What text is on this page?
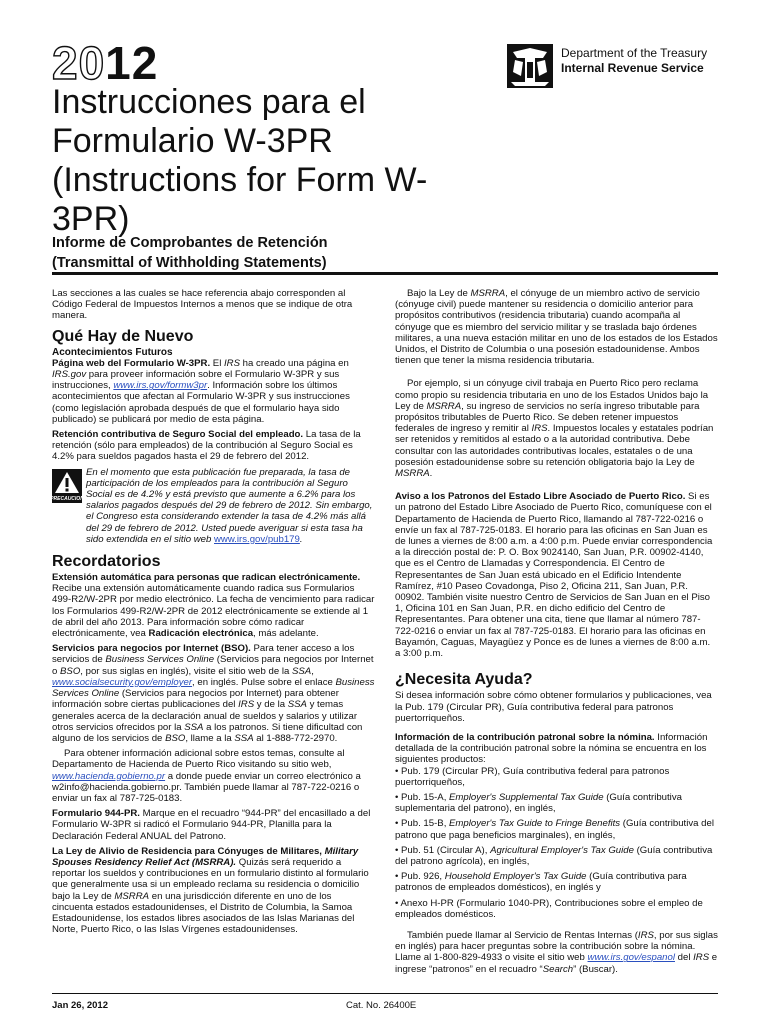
2012	Department of the Treasury
Internal Revenue Service
Instrucciones para el Formulario W-3PR (Instructions for Form W-3PR)
Informe de Comprobantes de Retención
(Transmittal of Withholding Statements)

Las secciones a las cuales se hace referencia abajo corresponden al Código Federal de Impuestos Internos a menos que se indique de otra manera.

Qué Hay de Nuevo
Acontecimientos Futuros

Página web del Formulario W-3PR. El IRS ha creado una página en IRS.gov para proveer información sobre el Formulario W-3PR y sus instrucciones, www.irs.gov/formw3pr. Información sobre los últimos acontecimientos que afectan al Formulario W-3PR y sus instrucciones (como legislación aprobada después de que el formulario haya sido publicado) se publicará por medio de esta página.

Retención contributiva de Seguro Social del empleado. La tasa de la retención (sólo para empleados) de la contribución al Seguro Social es 4.2% para sueldos pagados hasta el 29 de febrero del 2012.

PRECAUCION
En el momento que esta publicación fue preparada, la tasa de participación de los empleados para la contribución al Seguro Social es de 4.2% y está previsto que aumente a 6.2% para los salarios pagados después del 29 de febrero de 2012. Sin embargo, el Congreso esta considerando extender la tasa de 4.2% más allá del 29 de febrero de 2012. Usted puede averiguar si esta tasa ha sido extendida en el sitio web www.irs.gov/pub179.
Recordatorios

Extensión automática para personas que radican electrónicamente. Recibe una extensión automáticamente cuando radica sus Formularios 499-R2/W-2PR por medio electrónico. La fecha de vencimiento para radicar los Formularios 499-R2/W-2PR de 2012 electrónicamente se extiende al 1 de abril del año 2013. Para información sobre cómo radicar electrónicamente, vea Radicación electrónica, más adelante.

Servicios para negocios por Internet (BSO). Para tener acceso a los servicios de Business Services Online (Servicios para negocios por Internet o BSO, por sus siglas en inglés), visite el sitio web de la SSA, www.socialsecurity.gov/employer, en inglés. Pulse sobre el enlace Business Services Online (Servicios para negocios por Internet) para obtener información sobre ciertas publicaciones del IRS y de la SSA y temas generales acerca de la declaración anual de sueldos y salarios y utilizar otros servicios ofrecidos por la SSA a los patronos. Si tiene dificultad con alguno de los servicios de BSO, llame a la SSA al 1-888-772-2970.

Para obtener información adicional sobre estos temas, consulte al Departamento de Hacienda de Puerto Rico visitando su sitio web, www.hacienda.gobierno.pr a donde puede enviar un correo electrónico a w2info@hacienda.gobierno.pr. También puede llamar al 787-722-0216 o enviar un fax al 787-725-0183.

Formulario 944-PR. Marque en el recuadro “944-PR” del encasillado a del Formulario W-3PR si radicó el Formulario 944-PR, Planilla para la Declaración Federal ANUAL del Patrono.

La Ley de Alivio de Residencia para Cónyuges de Militares, Military Spouses Residency Relief Act (MSRRA). Quizás será requerido a reportar los sueldos y contribuciones en un formulario distinto al formulario que generalmente usa si un empleado reclama su residencia o domicilio bajo la Ley de MSRRA en una jurisdicción diferente en uno de los cincuenta estados estadounidenses, el Distrito de Columbia, la Samoa Estadounidense, los estados libres asociados de las Islas Marianas del Norte, Puerto Rico, o las Islas Vírgenes estadounidenses.

Bajo la Ley de MSRRA, el cónyuge de un miembro activo de servicio (cónyuge civil) puede mantener su residencia o domicilio anterior para propósitos contributivos (residencia tributaria) cuando acompaña al cónyuge que es miembro del servicio militar y se traslada bajo órdenes militares, a una nueva estación militar en uno de los estados de los Estados Unidos, el Distrito de Columbia o una posesión estadounidense. Ambos tienen que tener la misma residencia tributaria.

Por ejemplo, si un cónyuge civil trabaja en Puerto Rico pero reclama como propio su residencia tributaria en uno de los Estados Unidos bajo la Ley de MSRRA, su ingreso de servicios no sería ingreso tributable para propósitos tributables de Puerto Rico. Se deben retener impuestos federales de ingreso y remitir al IRS. Impuestos locales y estatales podrían ser retenidos y remitidos al estado o a la autoridad contributiva. Debe consultar con las autoridades contributivas locales, estatales o de una posesión estadounidense sobre su retención obligatoria bajo la Ley de MSRRA.

Aviso a los Patronos del Estado Libre Asociado de Puerto Rico. Si es un patrono del Estado Libre Asociado de Puerto Rico, comuníquese con el Departamento de Hacienda de Puerto Rico, llamando al 787-722-0216 o envíe un fax al 787-725-0183. El horario para las oficinas en San Juan es de lunes a viernes de 8:00 a.m. a 4:00 p.m. Puede enviar correspondencia a la dirección postal de: P. O. Box 9024140, San Juan, P.R. 00902-4140, que es el Centro de Llamadas y Correspondencia. El Centro de Representantes de San Juan está ubicado en el Edificio Intendente Ramírez, #10 Paseo Covadonga, Piso 2, Oficina 211, San Juan, P.R. 00902. También visite nuestro Centro de Servicios de San Juan en el Piso 1, Oficina 101 en San Juan, P.R. en dicho edificio del Centro de Representantes. Para obtener una cita, tiene que llamar al número 787-722-0216 o enviar un fax al 787-725-0183. El horario para las oficinas en Bayamón, Caguas, Mayagüez y Ponce es de lunes a viernes de 8:00 a.m. a 3:00 p.m.

¿Necesita Ayuda?

Si desea información sobre cómo obtener formularios y publicaciones, vea la Pub. 179 (Circular PR), Guía contributiva federal para patronos puertorriqueños.

Información de la contribución patronal sobre la nómina. Información detallada de la contribución patronal sobre la nómina se encuentra en los siguientes productos:

• Pub. 179 (Circular PR), Guía contributiva federal para patronos puertorriqueños,

• Pub. 15-A, Employer's Supplemental Tax Guide (Guía contributiva suplementaria del patrono), en inglés,

• Pub. 15-B, Employer's Tax Guide to Fringe Benefits (Guía contributiva del patrono que paga beneficios marginales), en inglés,

• Pub. 51 (Circular A), Agricultural Employer's Tax Guide (Guía contributiva del patrono agrícola), en inglés,

• Pub. 926, Household Employer's Tax Guide (Guía contributiva para patronos de empleados domésticos), en inglés y

• Anexo H-PR (Formulario 1040-PR), Contribuciones sobre el empleo de empleados domésticos.

También puede llamar al Servicio de Rentas Internas (IRS, por sus siglas en inglés) para hacer preguntas sobre la contribución sobre la nómina. Llame al 1-800-829-4933 o visite el sitio web www.irs.gov/espanol del IRS e ingrese “patronos” en el recuadro “Search” (Buscar).

Jan 26, 2012	Cat. No. 26400E
